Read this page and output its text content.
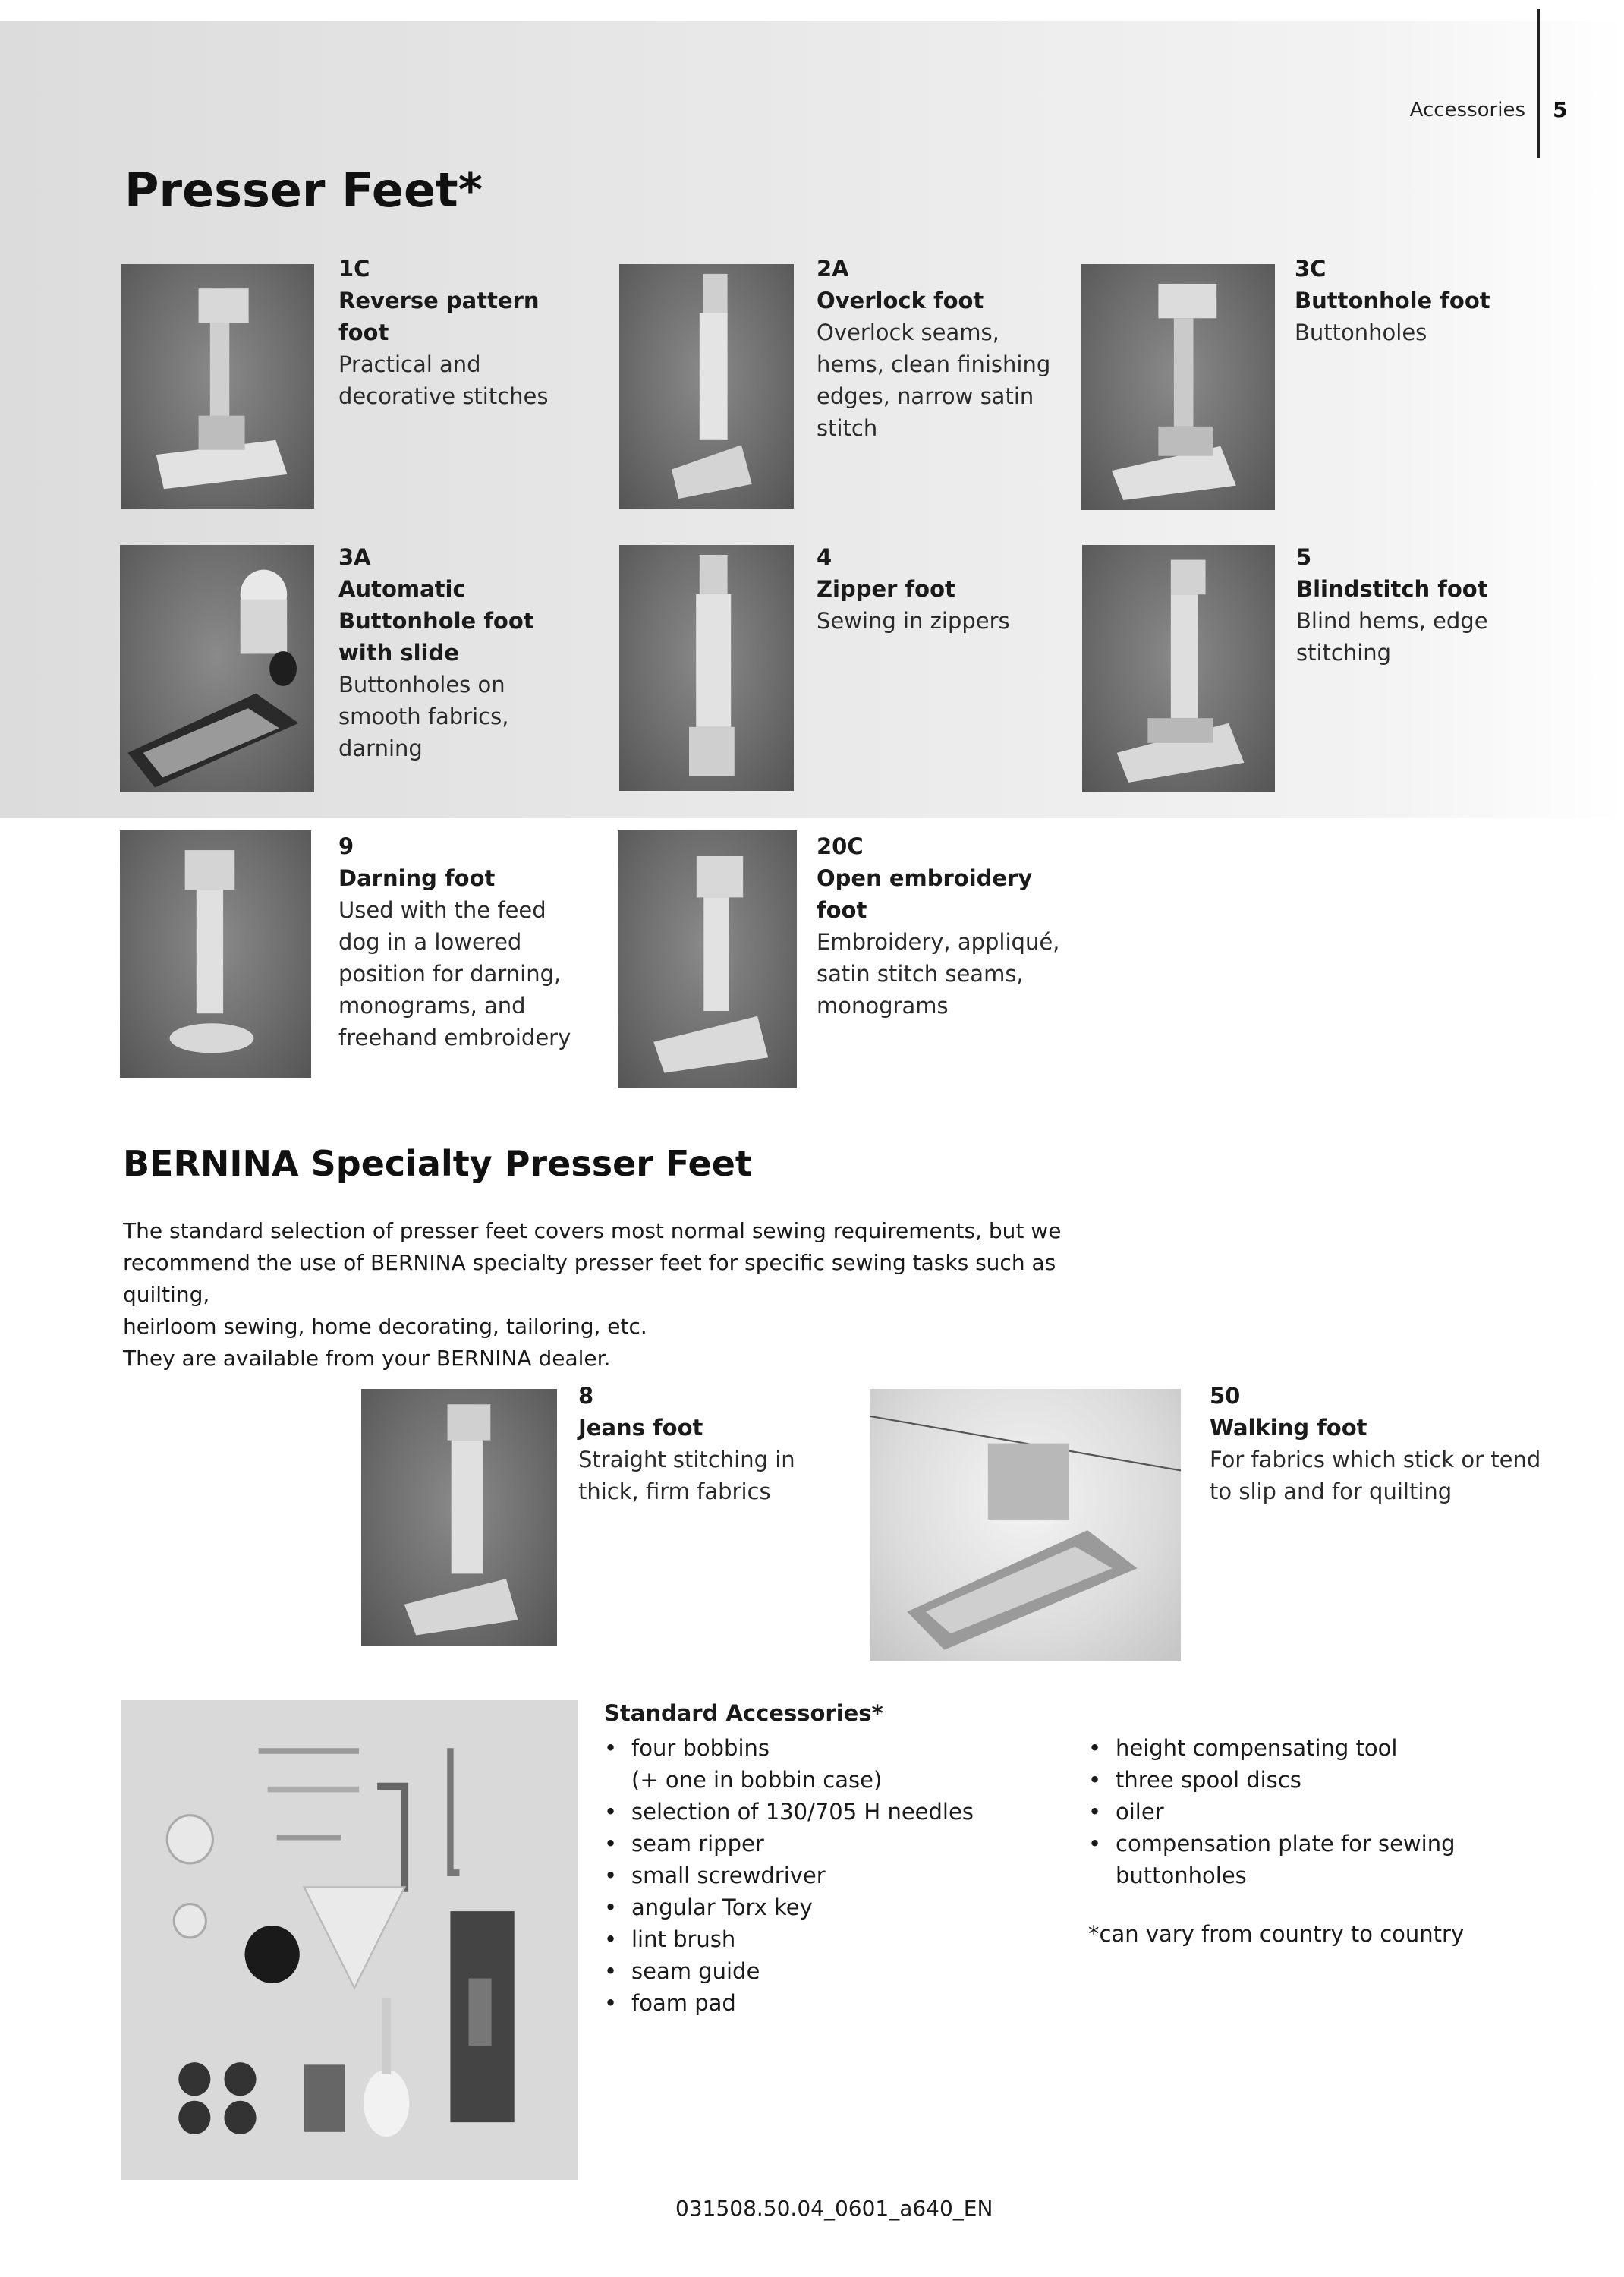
Accessories 5
Presser Feet*
1C
Reverse pattern foot
Practical and decorative stitches
2A
Overlock foot
Overlock seams, hems, clean finishing edges, narrow satin stitch
3C
Buttonhole foot
Buttonholes
3A
Automatic Buttonhole foot with slide
Buttonholes on smooth fabrics, darning
4
Zipper foot
Sewing in zippers
5
Blindstitch foot
Blind hems, edge stitching
9
Darning foot
Used with the feed dog in a lowered position for darning, monograms, and freehand embroidery
20C
Open embroidery foot
Embroidery, appliqué, satin stitch seams, monograms
BERNINA Specialty Presser Feet

The standard selection of presser feet covers most normal sewing requirements, but we
recommend the use of BERNINA specialty presser feet for specific sewing tasks such as quilting,
heirloom sewing, home decorating, tailoring, etc.
They are available from your BERNINA dealer.

8
Jeans foot
Straight stitching in thick, firm fabrics
50
Walking foot
For fabrics which stick or tend to slip and for quilting
Standard Accessories*
• four bobbins
(+ one in bobbin case)
• selection of 130/705 H needles
• seam ripper
• small screwdriver
• angular Torx key
• lint brush
• seam guide
• foam pad
• height compensating tool
• three spool discs
• oiler
• compensation plate for sewing
buttonholes
*can vary from country to country
031508.50.04_0601_a640_EN
